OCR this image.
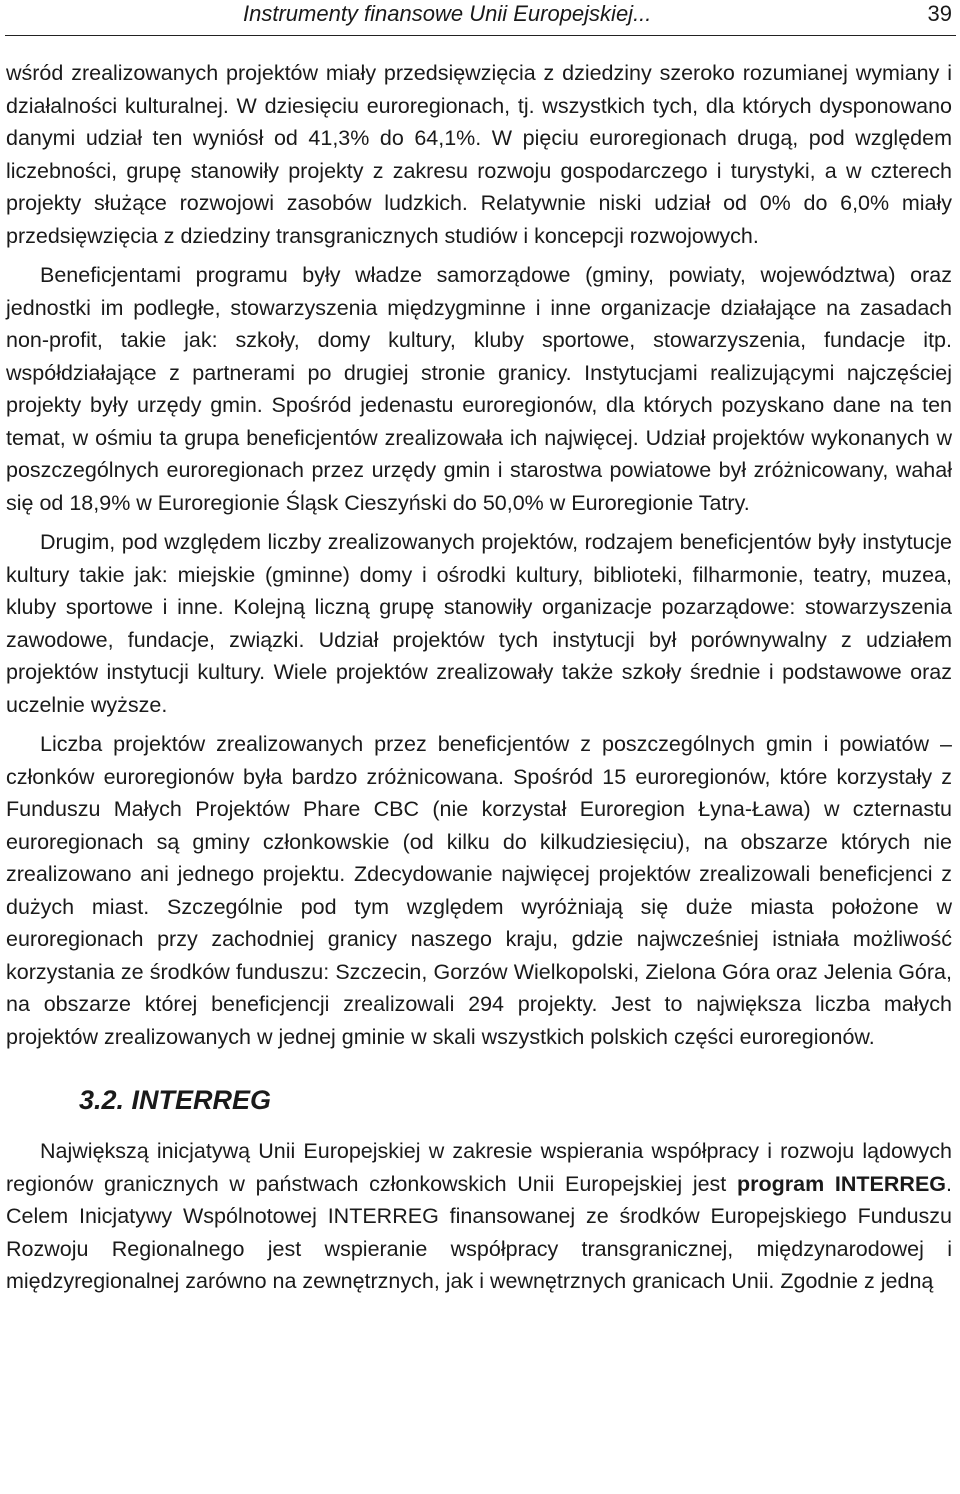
Instrumenty finansowe Unii Europejskiej...	39

wśród zrealizowanych projektów miały przedsięwzięcia z dziedziny szeroko rozumianej wymiany i działalności kulturalnej. W dziesięciu euroregionach, tj. wszystkich tych, dla których dysponowano danymi udział ten wyniósł od 41,3% do 64,1%. W pięciu euroregionach drugą, pod względem liczebności, grupę stanowiły projekty z zakresu rozwoju gospodarczego i turystyki, a w czterech projekty służące rozwojowi zasobów ludzkich. Relatywnie niski udział od 0% do 6,0% miały przedsięwzięcia z dziedziny transgranicznych studiów i koncepcji rozwojowych.

Beneficjentami programu były władze samorządowe (gminy, powiaty, województwa) oraz jednostki im podległe, stowarzyszenia międzygminne i inne organizacje działające na zasadach non-profit, takie jak: szkoły, domy kultury, kluby sportowe, stowarzyszenia, fundacje itp. współdziałające z partnerami po drugiej stronie granicy. Instytucjami realizującymi najczęściej projekty były urzędy gmin. Spośród jedenastu euroregionów, dla których pozyskano dane na ten temat, w ośmiu ta grupa beneficjentów zrealizowała ich najwięcej. Udział projektów wykonanych w poszczególnych euroregionach przez urzędy gmin i starostwa powiatowe był zróżnicowany, wahał się od 18,9% w Euroregionie Śląsk Cieszyński do 50,0% w Euroregionie Tatry.

Drugim, pod względem liczby zrealizowanych projektów, rodzajem beneficjentów były instytucje kultury takie jak: miejskie (gminne) domy i ośrodki kultury, biblioteki, filharmonie, teatry, muzea, kluby sportowe i inne. Kolejną liczną grupę stanowiły organizacje pozarządowe: stowarzyszenia zawodowe, fundacje, związki. Udział projektów tych instytucji był porównywalny z udziałem projektów instytucji kultury. Wiele projektów zrealizowały także szkoły średnie i podstawowe oraz uczelnie wyższe.

Liczba projektów zrealizowanych przez beneficjentów z poszczególnych gmin i powiatów – członków euroregionów była bardzo zróżnicowana. Spośród 15 euroregionów, które korzystały z Funduszu Małych Projektów Phare CBC (nie korzystał Euroregion Łyna-Ława) w czternastu euroregionach są gminy członkowskie (od kilku do kilkudziesięciu), na obszarze których nie zrealizowano ani jednego projektu. Zdecydowanie najwięcej projektów zrealizowali beneficjenci z dużych miast. Szczególnie pod tym względem wyróżniają się duże miasta położone w euroregionach przy zachodniej granicy naszego kraju, gdzie najwcześniej istniała możliwość korzystania ze środków funduszu: Szczecin, Gorzów Wielkopolski, Zielona Góra oraz Jelenia Góra, na obszarze której beneficjencji zrealizowali 294 projekty. Jest to największa liczba małych projektów zrealizowanych w jednej gminie w skali wszystkich polskich części euroregionów.

3.2. INTERREG

Największą inicjatywą Unii Europejskiej w zakresie wspierania współpracy i rozwoju lądowych regionów granicznych w państwach członkowskich Unii Europejskiej jest program INTERREG. Celem Inicjatywy Wspólnotowej INTERREG finansowanej ze środków Europejskiego Funduszu Rozwoju Regionalnego jest wspieranie współpracy transgranicznej, międzynarodowej i międzyregionalnej zarówno na zewnętrznych, jak i wewnętrznych granicach Unii. Zgodnie z jedną
